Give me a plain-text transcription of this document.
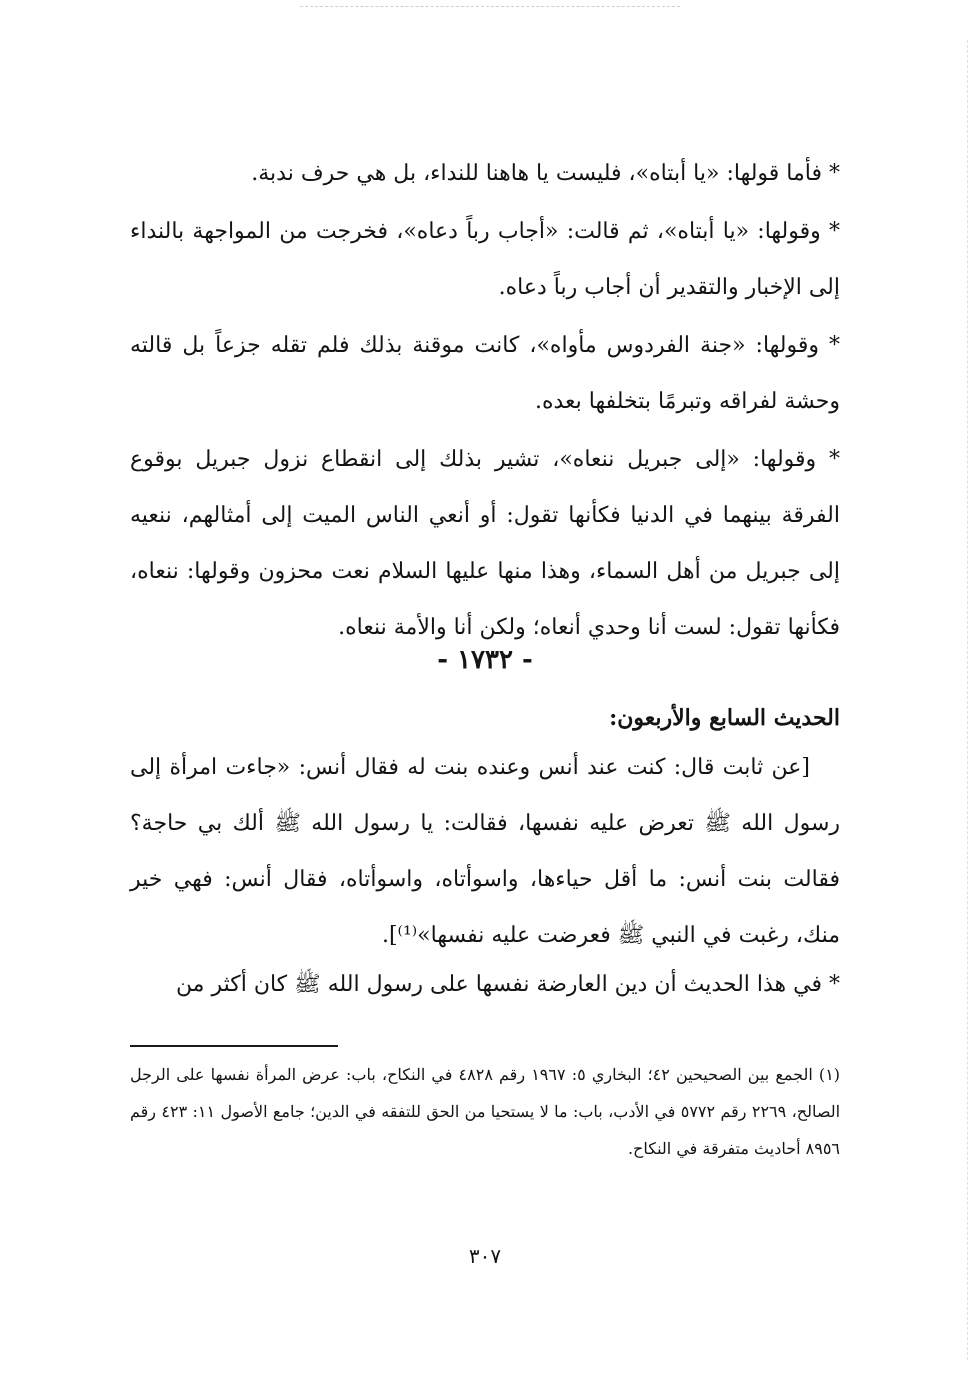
* فأما قولها: «يا أبتاه»، فليست يا هاهنا للنداء، بل هي حرف ندبة.

* وقولها: «يا أبتاه»، ثم قالت: «أجاب رباً دعاه»، فخرجت من المواجهة بالنداء إلى الإخبار والتقدير أن أجاب رباً دعاه.

* وقولها: «جنة الفردوس مأواه»، كانت موقنة بذلك فلم تقله جزعاً بل قالته وحشة لفراقه وتبرمًا بتخلفها بعده.

* وقولها: «إلى جبريل ننعاه»، تشير بذلك إلى انقطاع نزول جبريل بوقوع الفرقة بينهما في الدنيا فكأنها تقول: أو أنعي الناس الميت إلى أمثالهم، ننعيه إلى جبريل من أهل السماء، وهذا منها عليها السلام نعت محزون وقولها: ننعاه، فكأنها تقول: لست أنا وحدي أنعاه؛ ولكن أنا والأمة ننعاه.

- ١٧٣٢ -

الحديث السابع والأربعون:

[عن ثابت قال: كنت عند أنس وعنده بنت له فقال أنس: «جاءت امرأة إلى رسول الله ﷺ تعرض عليه نفسها، فقالت: يا رسول الله ﷺ ألك بي حاجة؟فقالت بنت أنس: ما أقل حياءها، واسوأتاه، واسوأتاه، فقال أنس: فهي خير منك، رغبت في النبي ﷺ فعرضت عليه نفسها»⁽¹⁾].

* في هذا الحديث أن دين العارضة نفسها على رسول الله ﷺ كان أكثر من

(١) الجمع بين الصحيحين ٤٢؛ البخاري ٥: ١٩٦٧ رقم ٤٨٢٨ في النكاح، باب: عرض المرأة نفسها على الرجل الصالح، ٢٢٦٩ رقم ٥٧٧٢ في الأدب، باب: ما لا يستحيا من الحق للتفقه في الدين؛ جامع الأصول ١١: ٤٢٣ رقم ٨٩٥٦ أحاديث متفرقة في النكاح.

٣٠٧
